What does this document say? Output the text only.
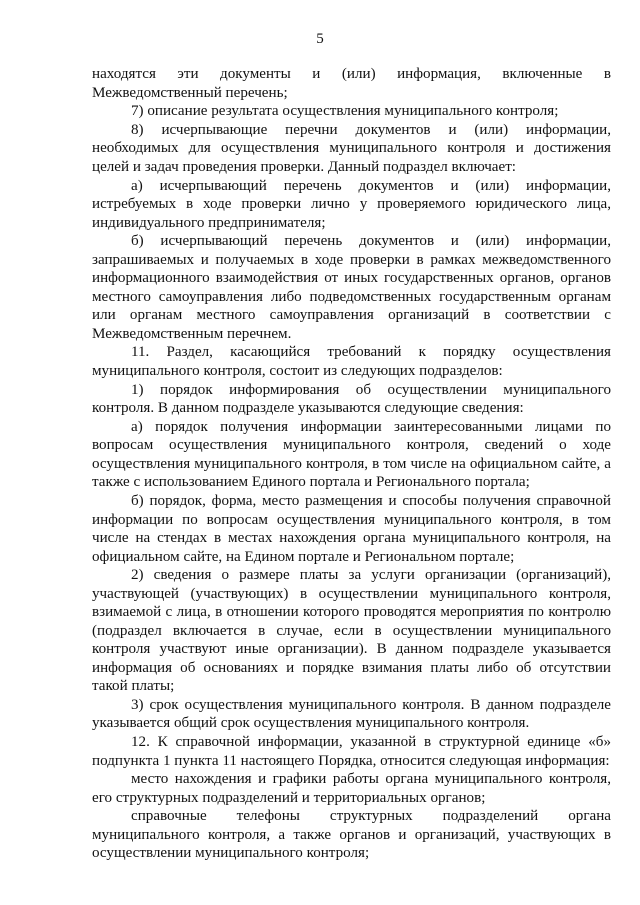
5

находятся эти документы и (или) информация, включенные в Межведомственный перечень;

7) описание результата осуществления муниципального контроля;

8) исчерпывающие перечни документов и (или) информации, необходимых для осуществления муниципального контроля и достижения целей и задач проведения проверки. Данный подраздел включает:

а) исчерпывающий перечень документов и (или) информации, истребуемых в ходе проверки лично у проверяемого юридического лица, индивидуального предпринимателя;

б) исчерпывающий перечень документов и (или) информации, запрашиваемых и получаемых в ходе проверки в рамках межведомственного информационного взаимодействия от иных государственных органов, органов местного самоуправления либо подведомственных государственным органам или органам местного самоуправления организаций в соответствии с Межведомственным перечнем.

11. Раздел, касающийся требований к порядку осуществления муниципального контроля, состоит из следующих подразделов:

1) порядок информирования об осуществлении муниципального контроля. В данном подразделе указываются следующие сведения:

а) порядок получения информации заинтересованными лицами по вопросам осуществления муниципального контроля, сведений о ходе осуществления муниципального контроля, в том числе на официальном сайте, а также с использованием Единого портала и Регионального портала;

б) порядок, форма, место размещения и способы получения справочной информации по вопросам осуществления муниципального контроля, в том числе на стендах в местах нахождения органа муниципального контроля, на официальном сайте, на Едином портале и Региональном портале;

2) сведения о размере платы за услуги организации (организаций), участвующей (участвующих) в осуществлении муниципального контроля, взимаемой с лица, в отношении которого проводятся мероприятия по контролю (подраздел включается в случае, если в осуществлении муниципального контроля участвуют иные организации). В данном подразделе указывается информация об основаниях и порядке взимания платы либо об отсутствии такой платы;

3) срок осуществления муниципального контроля. В данном подразделе указывается общий срок осуществления муниципального контроля.

12. К справочной информации, указанной в структурной единице «б» подпункта 1 пункта 11 настоящего Порядка, относится следующая информация:

место нахождения и графики работы органа муниципального контроля, его структурных подразделений и территориальных органов;

справочные телефоны структурных подразделений органа муниципального контроля, а также органов и организаций, участвующих в осуществлении муниципального контроля;
